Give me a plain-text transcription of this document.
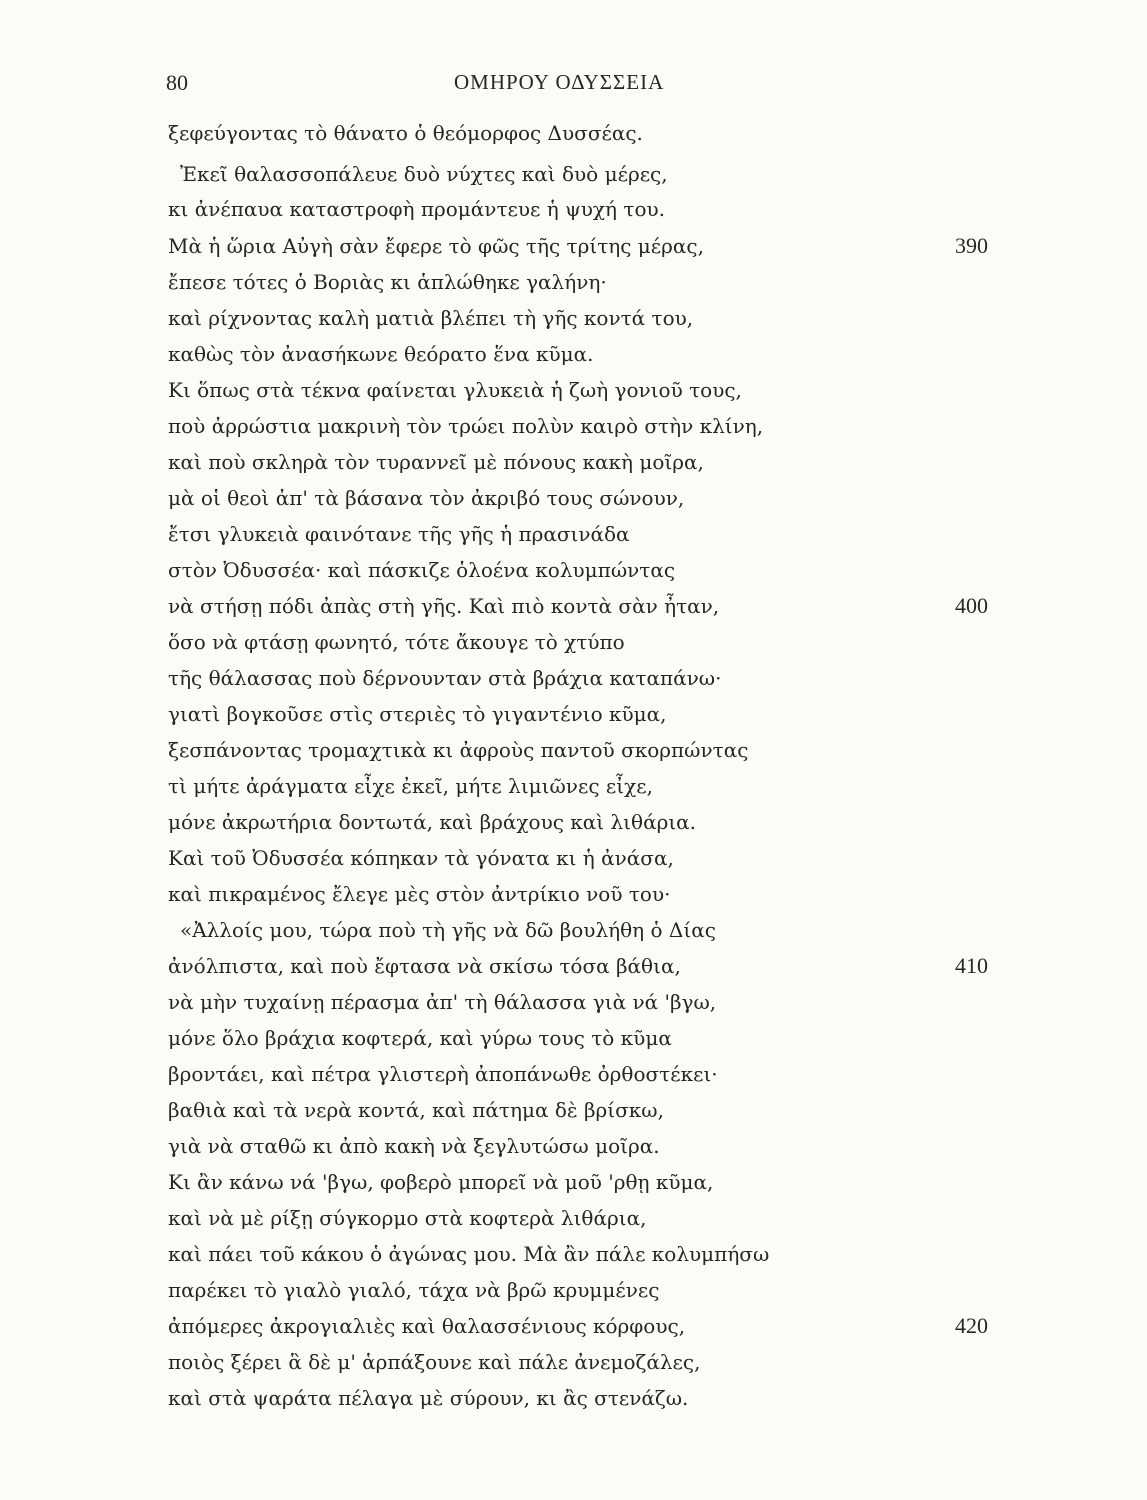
80	ΟΜΗΡΟΥ ΟΔΥΣΣΕΙΑ
ξεφεύγοντας τὸ θάνατο ὁ θεόμορφος Δυσσέας.
Ἐκεῖ θαλασσοπάλευε δυὸ νύχτες καὶ δυὸ μέρες,
κι ἀνέπαυα καταστροφὴ προμάντευε ἡ ψυχή του.
Μὰ ἡ ὥρια Αὐγὴ σὰν ἔφερε τὸ φῶς τῆς τρίτης μέρας,
ἔπεσε τότες ὁ Βοριὰς κι ἁπλώθηκε γαλήνη·
καὶ ρίχνοντας καλὴ ματιὰ βλέπει τὴ γῆς κοντά του,
καθὼς τὸν ἀνασήκωνε θεόρατο ἕνα κῦμα.
Κι ὅπως στὰ τέκνα φαίνεται γλυκειὰ ἡ ζωὴ γονιοῦ τους,
ποὺ ἀρρώστια μακρινὴ τὸν τρώει πολὺν καιρὸ στὴν κλίνη,
καὶ ποὺ σκληρὰ τὸν τυραννεῖ μὲ πόνους κακὴ μοῖρα,
μὰ οἱ θεοὶ ἀπ' τὰ βάσανα τὸν ἀκριβό τους σώνουν,
ἔτσι γλυκειὰ φαινότανε τῆς γῆς ἡ πρασινάδα
στὸν Ὀδυσσέα· καὶ πάσκιζε ὁλοένα κολυμπώντας
νὰ στήσῃ πόδι ἀπὰς στὴ γῆς. Καὶ πιὸ κοντὰ σὰν ἦταν,
ὅσο νὰ φτάσῃ φωνητό, τότε ἄκουγε τὸ χτύπο
τῆς θάλασσας ποὺ δέρνουνταν στὰ βράχια καταπάνω·
γιατὶ βογκοῦσε στὶς στεριὲς τὸ γιγαντένιο κῦμα,
ξεσπάνοντας τρομαχτικὰ κι ἀφροὺς παντοῦ σκορπώντας
τὶ μήτε ἀράγματα εἶχε ἐκεῖ, μήτε λιμιῶνες εἶχε,
μόνε ἀκρωτήρια δοντωτά, καὶ βράχους καὶ λιθάρια.
Καὶ τοῦ Ὀδυσσέα κόπηκαν τὰ γόνατα κι ἡ ἀνάσα,
καὶ πικραμένος ἔλεγε μὲς στὸν ἀντρίκιο νοῦ του·
«Ἀλλοίς μου, τώρα ποὺ τὴ γῆς νὰ δῶ βουλήθη ὁ Δίας
ἀνόλπιστα, καὶ ποὺ ἔφτασα νὰ σκίσω τόσα βάθια,
νὰ μὴν τυχαίνῃ πέρασμα ἀπ' τὴ θάλασσα γιὰ νά 'βγω,
μόνε ὅλο βράχια κοφτερά, καὶ γύρω τους τὸ κῦμα
βροντάει, καὶ πέτρα γλιστερὴ ἀποπάνωθε ὀρθοστέκει·
βαθιὰ καὶ τὰ νερὰ κοντά, καὶ πάτημα δὲ βρίσκω,
γιὰ νὰ σταθῶ κι ἀπὸ κακὴ νὰ ξεγλυτώσω μοῖρα.
Κι ἂν κάνω νά 'βγω, φοβερὸ μπορεῖ νὰ μοῦ 'ρθῃ κῦμα,
καὶ νὰ μὲ ρίξῃ σύγκορμο στὰ κοφτερὰ λιθάρια,
καὶ πάει τοῦ κάκου ὁ ἀγώνας μου. Μὰ ἂν πάλε κολυμπήσω
παρέκει τὸ γιαλὸ γιαλό, τάχα νὰ βρῶ κρυμμένες
ἀπόμερες ἀκρογιαλιὲς καὶ θαλασσένιους κόρφους,
ποιὸς ξέρει ἃ δὲ μ' ἁρπάξουνε καὶ πάλε ἀνεμοζάλες,
καὶ στὰ ψαράτα πέλαγα μὲ σύρουν, κι ἂς στενάζω.
390
400
410
420
